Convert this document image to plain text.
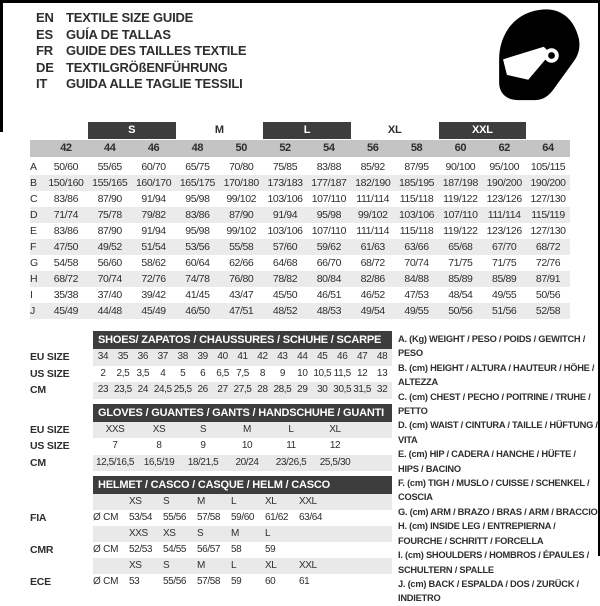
EN TEXTILE SIZE GUIDE
ES	GUÍA DE TALLAS
FR	GUIDE DES TAILLES TEXTILE
DE TEXTILGRÖßENFÜHRUNG
IT	GUIDA ALLE TAGLIE TESSILI
S	M	L	XL	XXL
42	44	46	48	50	52	54	56	58	60	62	64
A	50/60	55/65	60/70	65/75	70/80	75/85	83/88	85/92	87/95	90/100	95/100	105/115
B	150/160 155/165 160/170 165/175 170/180 173/183 177/187 182/190 185/195 187/198 190/200 190/200
C	83/86	87/90	91/94	95/98	99/102	103/106 107/110 111/114	115/118 119/122 123/126 127/130
D	71/74	75/78	79/82	83/86	87/90	91/94	95/98	99/102	103/106 107/110 111/114	115/119
E	83/86	87/90	91/94	95/98	99/102	103/106 107/110 111/114	115/118 119/122 123/126 127/130
F	47/50	49/52	51/54	53/56	55/58	57/60	59/62	61/63	63/66	65/68	67/70	68/72
G	54/58	56/60	58/62	60/64	62/66	64/68	66/70	68/72	70/74	71/75	71/75	72/76
H	68/72	70/74	72/76	74/78	76/80	78/82	80/84	82/86	84/88	85/89	85/89	87/91
I	35/38	37/40	39/42	41/45	43/47	45/50	46/51	46/52	47/53	48/54	49/55	50/56
J	45/49	44/48	45/49	46/50	47/51	48/52	48/53	49/54	49/55	50/56	51/56	52/58
SHOES/ ZAPATOS / CHAUSSURES / SCHUHE / SCARPE
EU SIZE	34 35 36 37 38 39 40 41 42 43 44 45 46 47 48
US SIZE	2	2,5 3,5	4	5	6	6,5 7,5	8	9	10 10,5 11,5 12 13
CM	23 23,5 24 24,5 25,5 26 27 27,5 28 28,5 29 30 30,5 31,5 32
GLOVES / GUANTES / GANTS / HANDSCHUHE / GUANTI
EU SIZE	XXS	XS	S	M	L	XL
US SIZE	7	8	9	10	11	12
CM	12,5/16,5 16,5/19	18/21,5	20/24	23/26,5	25,5/30
HELMET / CASCO / CASQUE / HELM / CASCO
XS	S	M	L	XL	XXL
FIA	Ø CM	53/54	55/56	57/58	59/60	61/62	63/64
XXS	XS	S	M	L
CMR	Ø CM	52/53	54/55	56/57	58	59
XS	S	M	L	XL	XXL
ECE	Ø CM	53	55/56	57/58	59	60	61
A. (Kg) WEIGHT / PESO / POIDS / GEWITCH / PESO
B. (cm) HEIGHT / ALTURA / HAUTEUR / HÖHE / ALTEZZA
C. (cm) CHEST / PECHO / POITRINE / TRUHE / PETTO
D. (cm) WAIST / CINTURA / TAILLE / HÜFTUNG / VITA
E. (cm) HIP / CADERA / HANCHE / HÜFTE / HIPS / BACINO
F. (cm) TIGH / MUSLO / CUISSE / SCHENKEL / COSCIA
G. (cm) ARM / BRAZO / BRAS / ARM / BRACCIO
H. (cm) INSIDE LEG / ENTREPIERNA / FOURCHE / SCHRITT / FORCELLA
I. (cm) SHOULDERS / HOMBROS / ÉPAULES / SCHULTERN / SPALLE
J. (cm) BACK / ESPALDA / DOS / ZURÜCK / INDIETRO
